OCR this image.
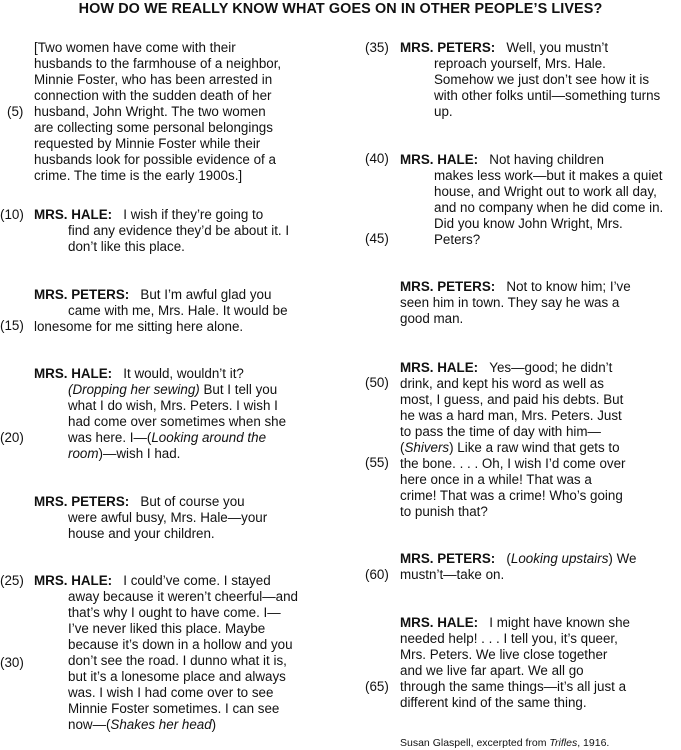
HOW DO WE REALLY KNOW WHAT GOES ON IN OTHER PEOPLE’S LIVES?
(5)
(10)
(15)
(20)
(25)
(30)
(35)
(40)
(45)
(50)
(55)
(60)
(65)
[Two women have come with their
husbands to the farmhouse of a neighbor,
Minnie Foster, who has been arrested in
connection with the sudden death of her
husband, John Wright. The two women
are collecting some personal belongings
requested by Minnie Foster while their
husbands look for possible evidence of a
crime. The time is the early 1900s.]
MRS. HALE: I wish if they’re going to
find any evidence they’d be about it. I
don’t like this place.
MRS. PETERS: But I’m awful glad you
came with me, Mrs. Hale. It would be
lonesome for me sitting here alone.
MRS. HALE: It would, wouldn’t it?
(Dropping her sewing) But I tell you
what I do wish, Mrs. Peters. I wish I
had come over sometimes when she
was here. I—(Looking around the
room)—wish I had.
MRS. PETERS: But of course you
were awful busy, Mrs. Hale—your
house and your children.
MRS. HALE: I could’ve come. I stayed
away because it weren’t cheerful—and
that’s why I ought to have come. I—
I’ve never liked this place. Maybe
because it’s down in a hollow and you
don’t see the road. I dunno what it is,
but it’s a lonesome place and always
was. I wish I had come over to see
Minnie Foster sometimes. I can see
now—(Shakes her head)
MRS. PETERS: Well, you mustn’t
reproach yourself, Mrs. Hale.
Somehow we just don’t see how it is
with other folks until—something turns
up.
MRS. HALE: Not having children
makes less work—but it makes a quiet
house, and Wright out to work all day,
and no company when he did come in.
Did you know John Wright, Mrs.
Peters?
MRS. PETERS: Not to know him; I’ve
seen him in town. They say he was a
good man.
MRS. HALE: Yes—good; he didn’t
drink, and kept his word as well as
most, I guess, and paid his debts. But
he was a hard man, Mrs. Peters. Just
to pass the time of day with him—
(Shivers) Like a raw wind that gets to
the bone. . . . Oh, I wish I’d come over
here once in a while! That was a
crime! That was a crime! Who’s going
to punish that?
MRS. PETERS: (Looking upstairs) We
mustn’t—take on.
MRS. HALE: I might have known she
needed help! . . . I tell you, it’s queer,
Mrs. Peters. We live close together
and we live far apart. We all go
through the same things—it’s all just a
different kind of the same thing.
Susan Glaspell, excerpted from Trifles, 1916.
